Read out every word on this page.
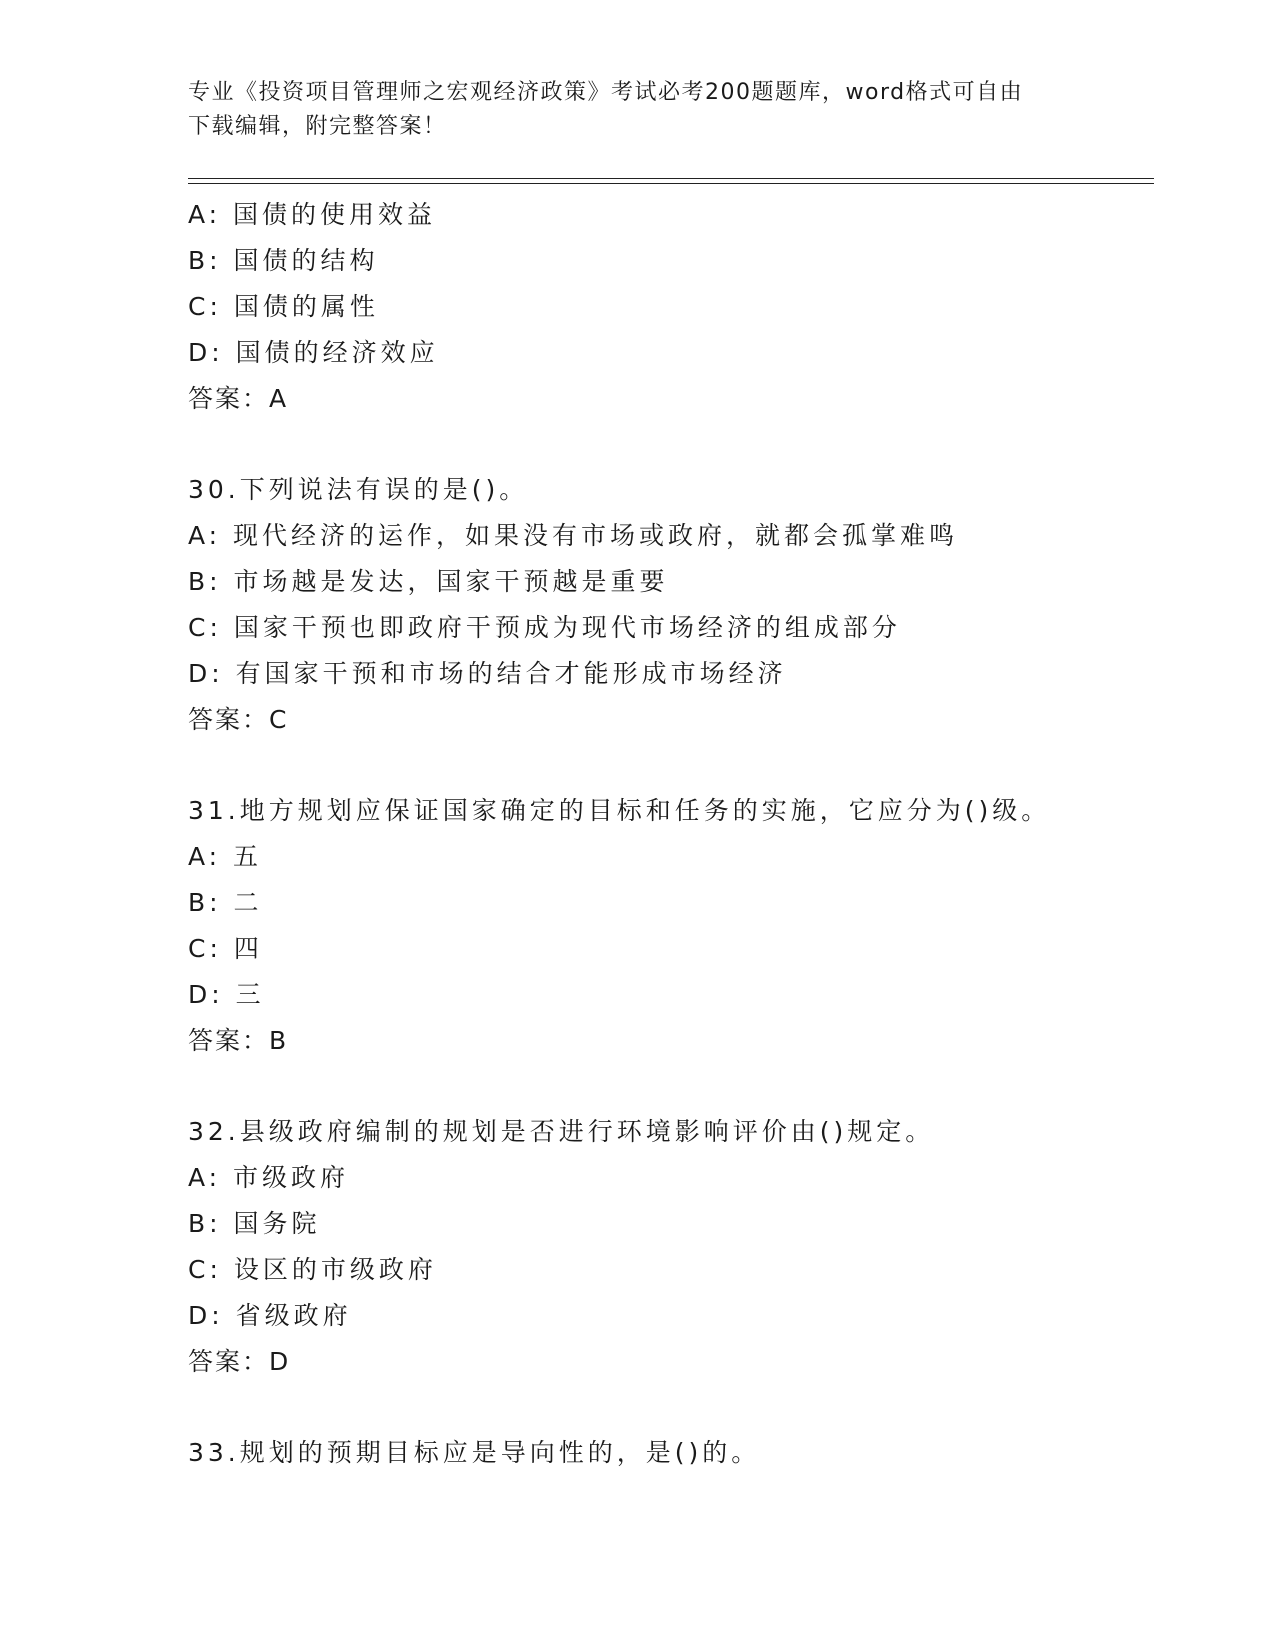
专业《投资项目管理师之宏观经济政策》考试必考200题题库，word格式可自由
下载编辑，附完整答案！
A: 国债的使用效益
B: 国债的结构
C: 国债的属性
D: 国债的经济效应
答案：A
30.下列说法有误的是()。
A: 现代经济的运作，如果没有市场或政府，就都会孤掌难鸣
B: 市场越是发达，国家干预越是重要
C: 国家干预也即政府干预成为现代市场经济的组成部分
D: 有国家干预和市场的结合才能形成市场经济
答案：C
31.地方规划应保证国家确定的目标和任务的实施，它应分为()级。
A: 五
B: 二
C: 四
D: 三
答案：B
32.县级政府编制的规划是否进行环境影响评价由()规定。
A: 市级政府
B: 国务院
C: 设区的市级政府
D: 省级政府
答案：D
33.规划的预期目标应是导向性的，是()的。
